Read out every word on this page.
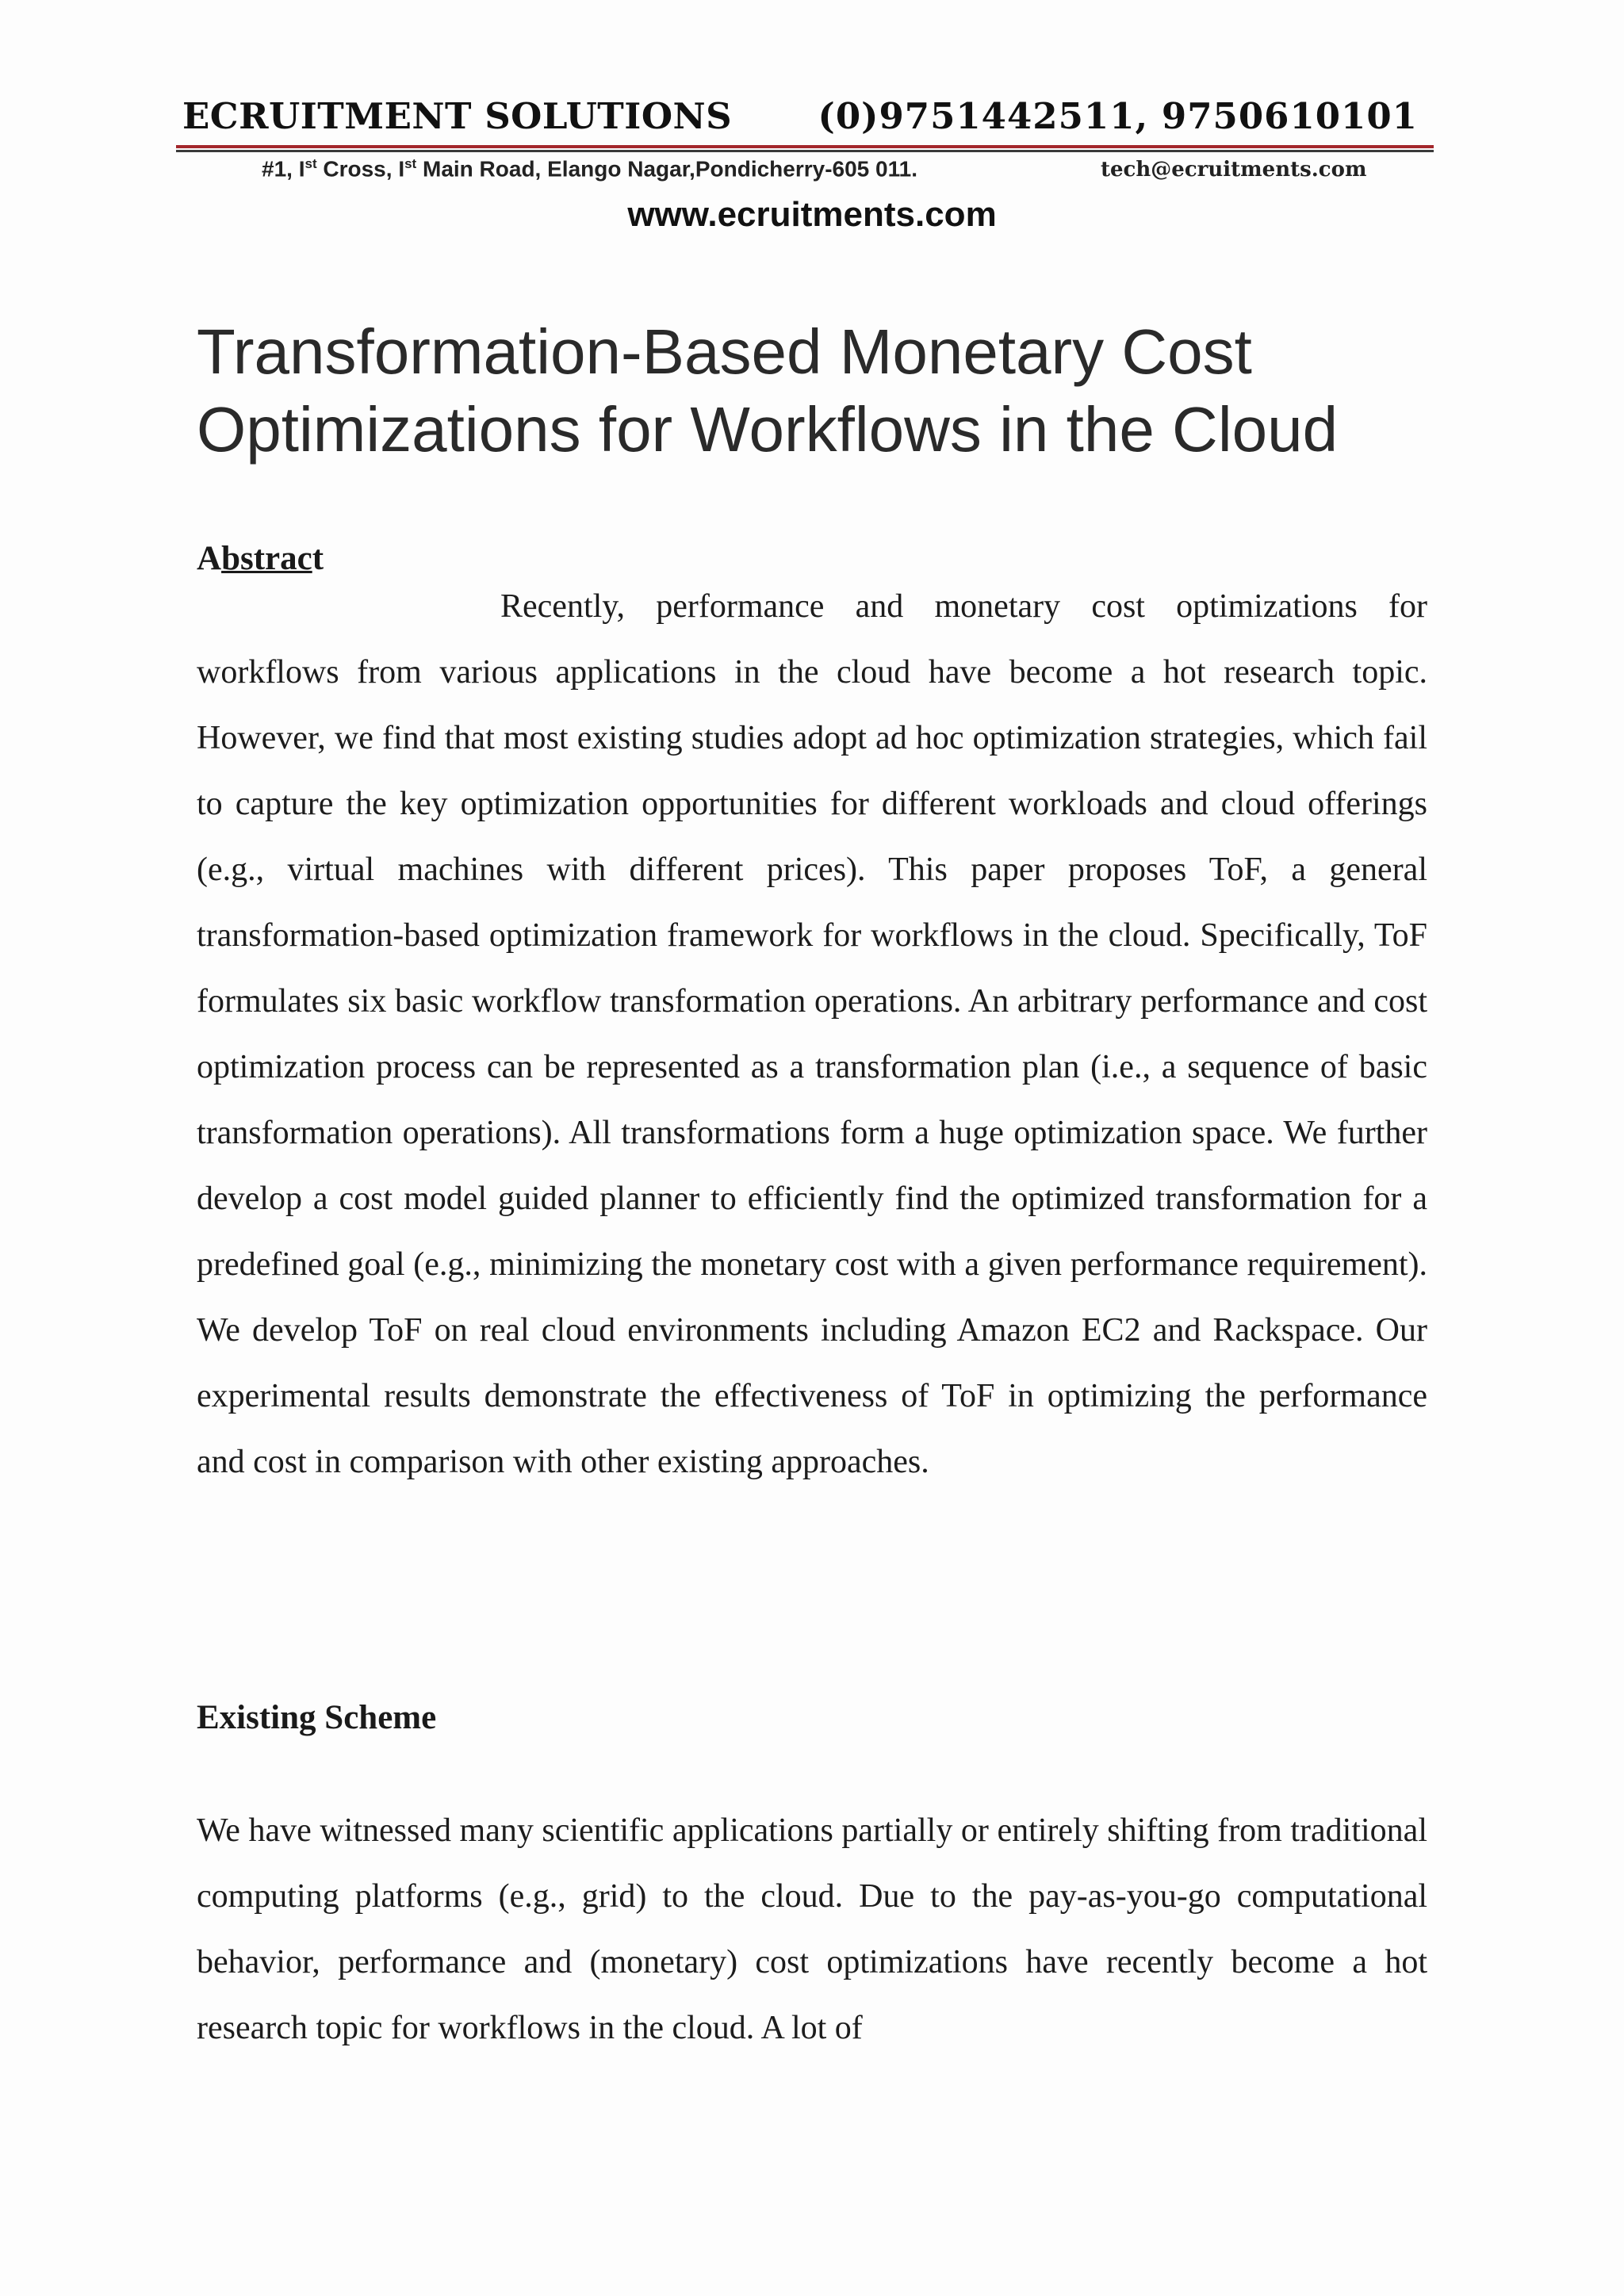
ECRUITMENT SOLUTIONS (0)9751442511, 9750610101
#1, Ist Cross, Ist Main Road, Elango Nagar,Pondicherry-605 011.	tech@ecruitments.com
www.ecruitments.com
Transformation-Based Monetary Cost Optimizations for Workflows in the Cloud
Abstract

Recently, performance and monetary cost optimizations for workflows from various applications in the cloud have become a hot research topic. However, we find that most existing studies adopt ad hoc optimization strategies, which fail to capture the key optimization opportunities for different workloads and cloud offerings (e.g., virtual machines with different prices). This paper proposes ToF, a general transformation-based optimization framework for workflows in the cloud. Specifically, ToF formulates six basic workflow transformation operations. An arbitrary performance and cost optimization process can be represented as a transformation plan (i.e., a sequence of basic transformation operations). All transformations form a huge optimization space. We further develop a cost model guided planner to efficiently find the optimized transformation for a predefined goal (e.g., minimizing the monetary cost with a given performance requirement). We develop ToF on real cloud environments including Amazon EC2 and Rackspace. Our experimental results demonstrate the effectiveness of ToF in optimizing the performance and cost in comparison with other existing approaches.

Existing Scheme

We have witnessed many scientific applications partially or entirely shifting from traditional computing platforms (e.g., grid) to the cloud. Due to the pay-as-you-go computational behavior, performance and (monetary) cost optimizations have recently become a hot research topic for workflows in the cloud. A lot of
